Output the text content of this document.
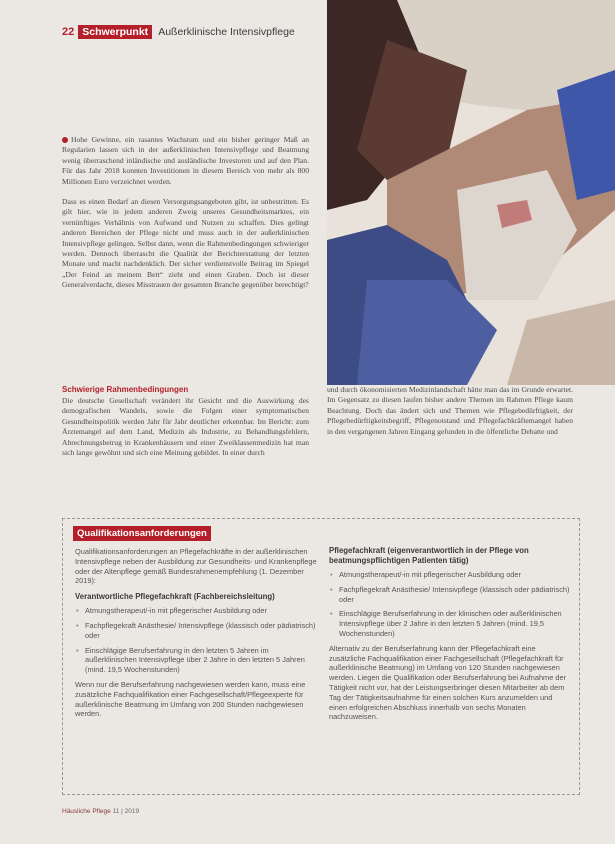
22 Schwerpunkt Außerklinische Intensivpflege

Hohe Gewinne, ein rasantes Wachstum und ein bisher geringer Maß an Regularien lassen sich in der außerklinischen Intensivpflege und Beatmung wenig überraschend inländische und ausländische Investoren und auf den Plan. Für das Jahr 2018 konnten Investitionen in diesem Bereich von mehr als 800 Millionen Euro verzeichnet werden.

Dass es einen Bedarf an diesen Versorgungsangeboten gibt, ist unbestritten. Es gilt hier, wie in jedem anderen Zweig unseres Gesundheitsmarktes, ein vernünftiges Verhältnis von Aufwand und Nutzen zu schaffen. Dies gelingt anderen Bereichen der Pflege nicht und muss auch in der außerklinischen Intensivpflege gelingen. Selbst dann, wenn die Rahmenbedingungen schwieriger werden. Dennoch überrascht die Qualität der Berichterstattung der letzten Monate und macht nachdenklich. Der sicher verdienstvolle Beitrag im Spiegel „Der Feind an meinem Bett“ zieht und einen Graben. Doch ist dieser Generalverdacht, dieses Misstrauen der gesamten Branche gegenüber berechtigt?

Schwierige Rahmenbedingungen

Die deutsche Gesellschaft verändert ihr Gesicht und die Auswirkung des demografischen Wandels, sowie die Folgen einer symptomatischen Gesundheitspolitik werden Jahr für Jahr deutlicher erkennbar. Im Bericht: zum Ärztemangel auf dem Land, Medizin als Industrie, zu Behandlungsfehlern, Abrechnungsbetrug in Krankenhäusern und einer Zweiklassenmedizin hat man sich lange gewöhnt und sich eine Meinung gebildet. In einer durch

und durch ökonomisierten Medizinlandschaft hätte man das im Grunde erwartet. Im Gegensatz zu diesen laufen bisher andere Themen im Rahmen Pflege kaum Beachtung. Doch das ändert sich und Themen wie Pflegebedürftigkeit, der Pflegebedürftigkeitsbegriff, Pflegenotstand und Pflegefachkräftemangel haben in den vergangenen Jahren Eingang gefunden in die öffentliche Debatte und

Qualifikationsanforderungen

Qualifikationsanforderungen an Pflegefachkräfte in der außerklinischen Intensivpflege neben der Ausbildung zur Gesundheits- und Krankenpflege oder der Altenpflege gemäß Bundesrahmenempfehlung (1. Dezember 2019):

Verantwortliche Pflegefachkraft (Fachbereichsleitung)
• Atmungstherapeut/-in mit pflegerischer Ausbildung oder
• Fachpflegekraft Anästhesie/ Intensivpflege (klassisch oder pädiatrisch) oder
• Einschlägige Berufserfahrung in den letzten 5 Jahren im außerklinischen Intensivpflege über 2 Jahre in den letzten 5 Jahren (mind. 19,5 Wochenstunden)

Wenn nur die Berufserfahrung nachgewiesen werden kann, muss eine zusätzliche Fachqualifikation einer Fachgesellschaft/Pflegeexperte für außerklinische Beatmung im Umfang von 200 Stunden nachgewiesen werden.

Pflegefachkraft (eigenverantwortlich in der Pflege von beatmungspflichtigen Patienten tätig)
• Atmungstherapeut/-in mit pflegerischer Ausbildung oder
• Fachpflegekraft Anästhesie/ Intensivpflege (klassisch oder pädiatrisch) oder
• Einschlägige Berufserfahrung in der klinischen oder außerklinischen Intensivpflege über 2 Jahre in den letzten 5 Jahren (mind. 19,5 Wochenstunden)

Alternativ zu der Berufserfahrung kann der Pflegefachkraft eine zusätzliche Fachqualifikation einer Fachgesellschaft (Pflegefachkraft für außerklinische Beatmung) im Umfang von 120 Stunden nachgewiesen werden. Liegen die Qualifikation oder Berufserfahrung bei Aufnahme der Tätigkeit nicht vor, hat der Leistungserbringer diesen Mitarbeiter ab dem Tag der Tätigkeitsaufnahme für einen solchen Kurs anzumelden und einen erfolgreichen Abschluss innerhalb von sechs Monaten nachzuweisen.

Häusliche Pflege 11 | 2019
